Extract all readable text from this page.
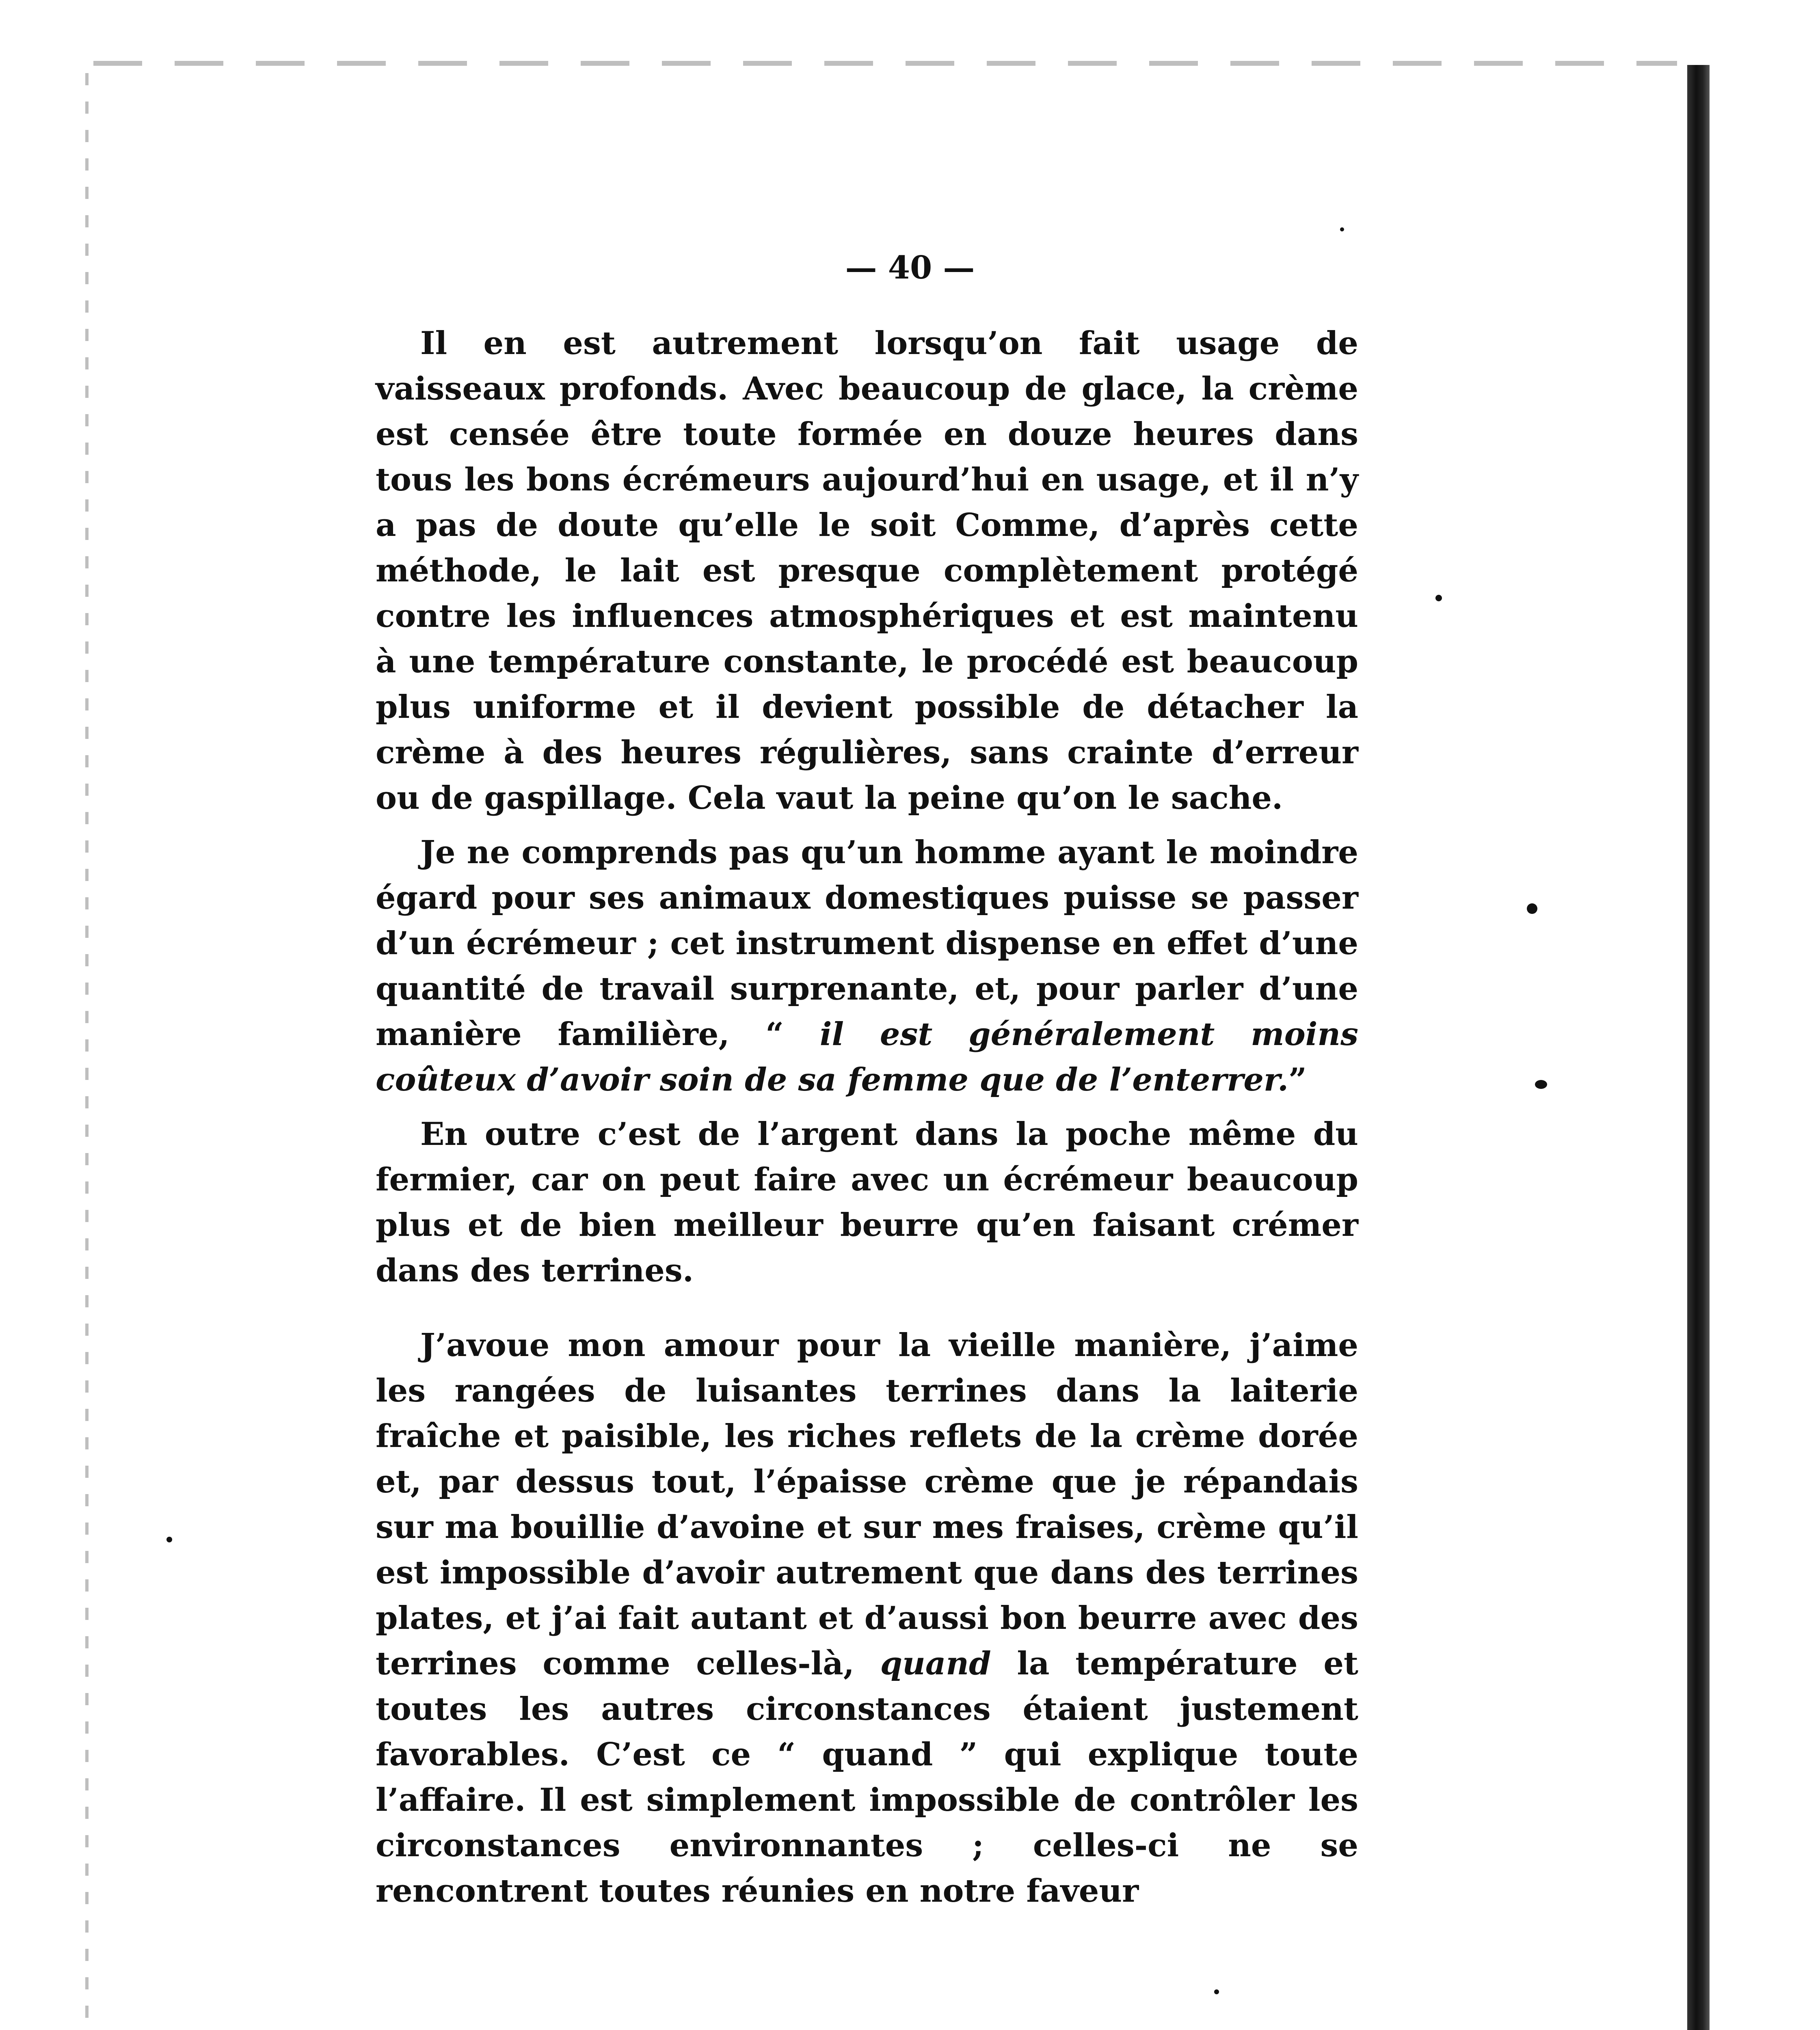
— 40 —

Il en est autrement lorsqu’on fait usage de vaisseaux profonds. Avec beaucoup de glace, la crème est censée être toute formée en douze heures dans tous les bons écrémeurs aujourd’hui en usage, et il n’y a pas de doute qu’elle le soit Comme, d’après cette méthode, le lait est presque complètement protégé contre les influences atmosphériques et est maintenu à une température constante, le procédé est beaucoup plus uniforme et il devient possible de détacher la crème à des heures régulières, sans crainte d’erreur ou de gaspillage. Cela vaut la peine qu’on le sache.

Je ne comprends pas qu’un homme ayant le moindre égard pour ses animaux domestiques puisse se passer d’un écrémeur ; cet instrument dispense en effet d’une quantité de travail surprenante, et, pour parler d’une manière familière, “ il est généralement moins coûteux d’avoir soin de sa femme que de l’enterrer.”

En outre c’est de l’argent dans la poche même du fermier, car on peut faire avec un écrémeur beaucoup plus et de bien meilleur beurre qu’en faisant crémer dans des terrines.

J’avoue mon amour pour la vieille manière, j’aime les rangées de luisantes terrines dans la laiterie fraîche et paisible, les riches reflets de la crème dorée et, par dessus tout, l’épaisse crème que je répandais sur ma bouillie d’avoine et sur mes fraises, crème qu’il est impossible d’avoir autrement que dans des terrines plates, et j’ai fait autant et d’aussi bon beurre avec des terrines comme celles-là, quand la température et toutes les autres circonstances étaient justement favorables. C’est ce “ quand ” qui explique toute l’affaire. Il est simplement impossible de contrôler les circonstances environnantes ; celles-ci ne se rencontrent toutes réunies en notre faveur
